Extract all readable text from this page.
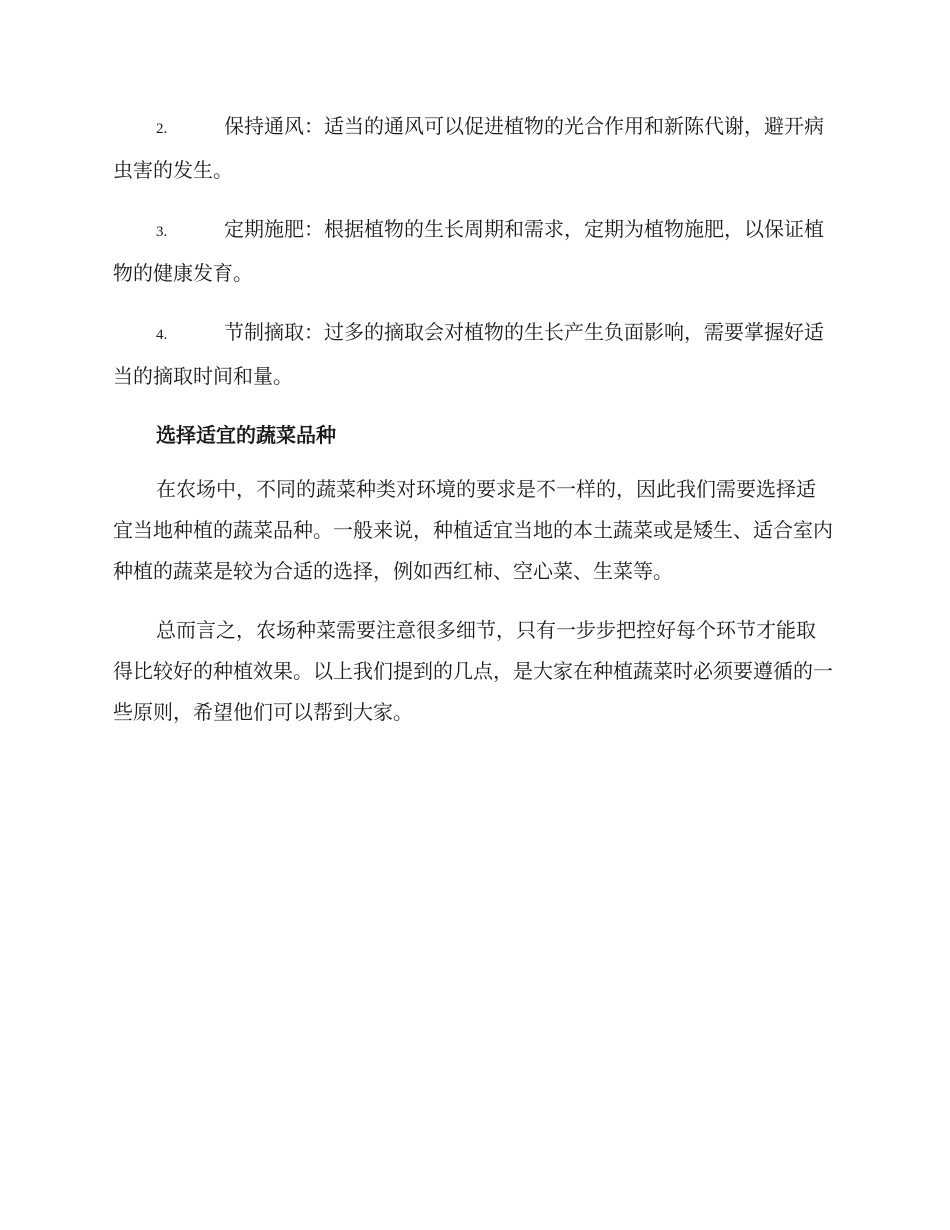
2.	保持通风：适当的通风可以促进植物的光合作用和新陈代谢，避开病虫害的发生。

3.	定期施肥：根据植物的生长周期和需求，定期为植物施肥，以保证植物的健康发育。

4.	节制摘取：过多的摘取会对植物的生长产生负面影响，需要掌握好适当的摘取时间和量。

选择适宜的蔬菜品种

在农场中，不同的蔬菜种类对环境的要求是不一样的，因此我们需要选择适宜当地种植的蔬菜品种。一般来说，种植适宜当地的本土蔬菜或是矮生、适合室内种植的蔬菜是较为合适的选择，例如西红柿、空心菜、生菜等。

总而言之，农场种菜需要注意很多细节，只有一步步把控好每个环节才能取得比较好的种植效果。以上我们提到的几点，是大家在种植蔬菜时必须要遵循的一些原则，希望他们可以帮到大家。
